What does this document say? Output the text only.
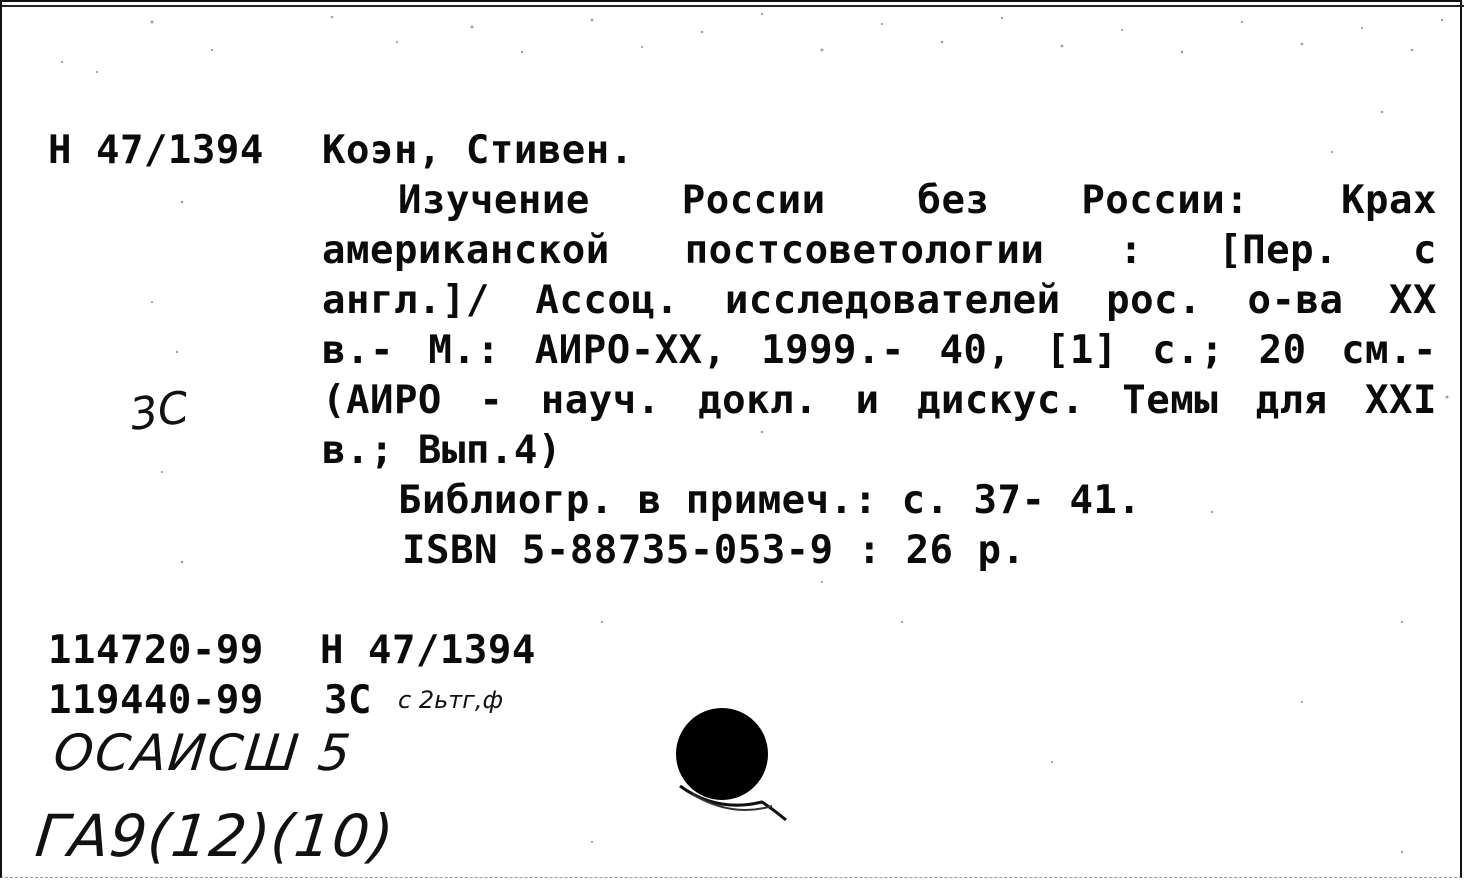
Н 47/1394 Коэн, Стивен.
Изучение России без России: Крах
американской постсоветологии : [Пер. с
англ.]/ Ассоц. исследователей рос. о-ва XX
в.- М.: АИРО-XX, 1999.- 40, [1] с.; 20 см.-
(АИРО - науч. докл. и дискус. Темы для XXI
в.; Вып.4)
3С
Библиогр. в примеч.: с. 37- 41.
ISBN 5-88735-053-9 : 26 р.
114720-99 Н 47/1394
119440-99 3С с 2ьтг,ф
ОСАИСШ 5
ГА9(12)(10)
